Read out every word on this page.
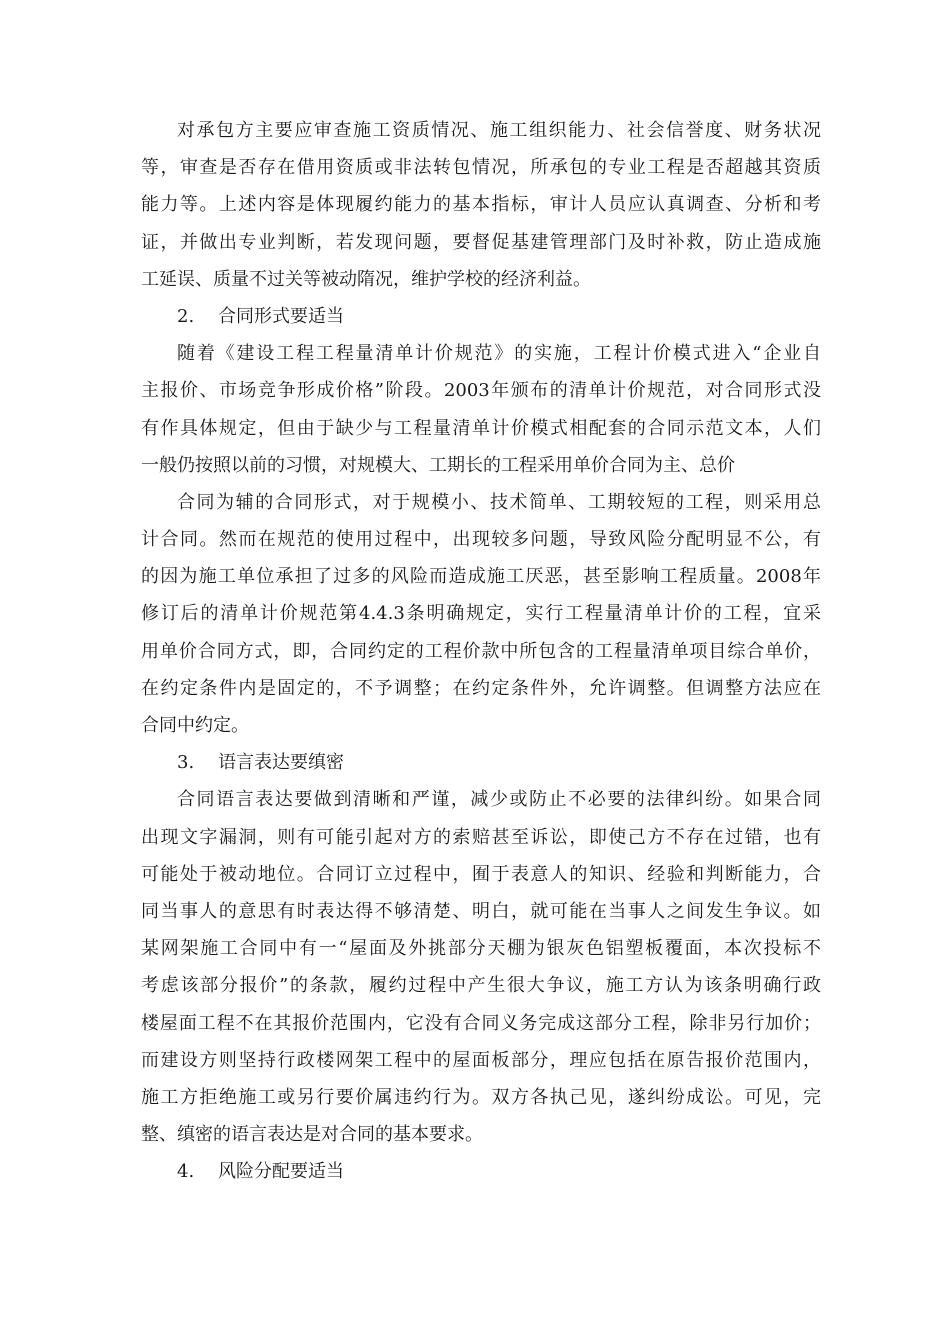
对承包方主要应审查施工资质情况、施工组织能力、社会信誉度、财务状况
等，审查是否存在借用资质或非法转包情况，所承包的专业工程是否超越其资质
能力等。上述内容是体现履约能力的基本指标，审计人员应认真调查、分析和考
证，并做出专业判断，若发现问题，要督促基建管理部门及时补救，防止造成施
工延误、质量不过关等被动隋况，维护学校的经济利益。
2. 合同形式要适当
随着《建设工程工程量清单计价规范》的实施，工程计价模式进入“企业自
主报价、市场竞争形成价格”阶段。2003年颁布的清单计价规范，对合同形式没
有作具体规定，但由于缺少与工程量清单计价模式相配套的合同示范文本，人们
一般仍按照以前的习惯，对规模大、工期长的工程采用单价合同为主、总价
合同为辅的合同形式，对于规模小、技术简单、工期较短的工程，则采用总
计合同。然而在规范的使用过程中，出现较多问题，导致风险分配明显不公，有
的因为施工单位承担了过多的风险而造成施工厌恶，甚至影响工程质量。2008年
修订后的清单计价规范第4.4.3条明确规定，实行工程量清单计价的工程，宜采
用单价合同方式，即，合同约定的工程价款中所包含的工程量清单项目综合单价，
在约定条件内是固定的，不予调整；在约定条件外，允许调整。但调整方法应在
合同中约定。
3. 语言表达要缜密
合同语言表达要做到清晰和严谨，减少或防止不必要的法律纠纷。如果合同
出现文字漏洞，则有可能引起对方的索赔甚至诉讼，即使己方不存在过错，也有
可能处于被动地位。合同订立过程中，囿于表意人的知识、经验和判断能力，合
同当事人的意思有时表达得不够清楚、明白，就可能在当事人之间发生争议。如
某网架施工合同中有一“屋面及外挑部分天棚为银灰色铝塑板覆面，本次投标不
考虑该部分报价”的条款，履约过程中产生很大争议，施工方认为该条明确行政
楼屋面工程不在其报价范围内，它没有合同义务完成这部分工程，除非另行加价；
而建设方则坚持行政楼网架工程中的屋面板部分，理应包括在原告报价范围内，
施工方拒绝施工或另行要价属违约行为。双方各执己见，遂纠纷成讼。可见，完
整、缜密的语言表达是对合同的基本要求。
4. 风险分配要适当
